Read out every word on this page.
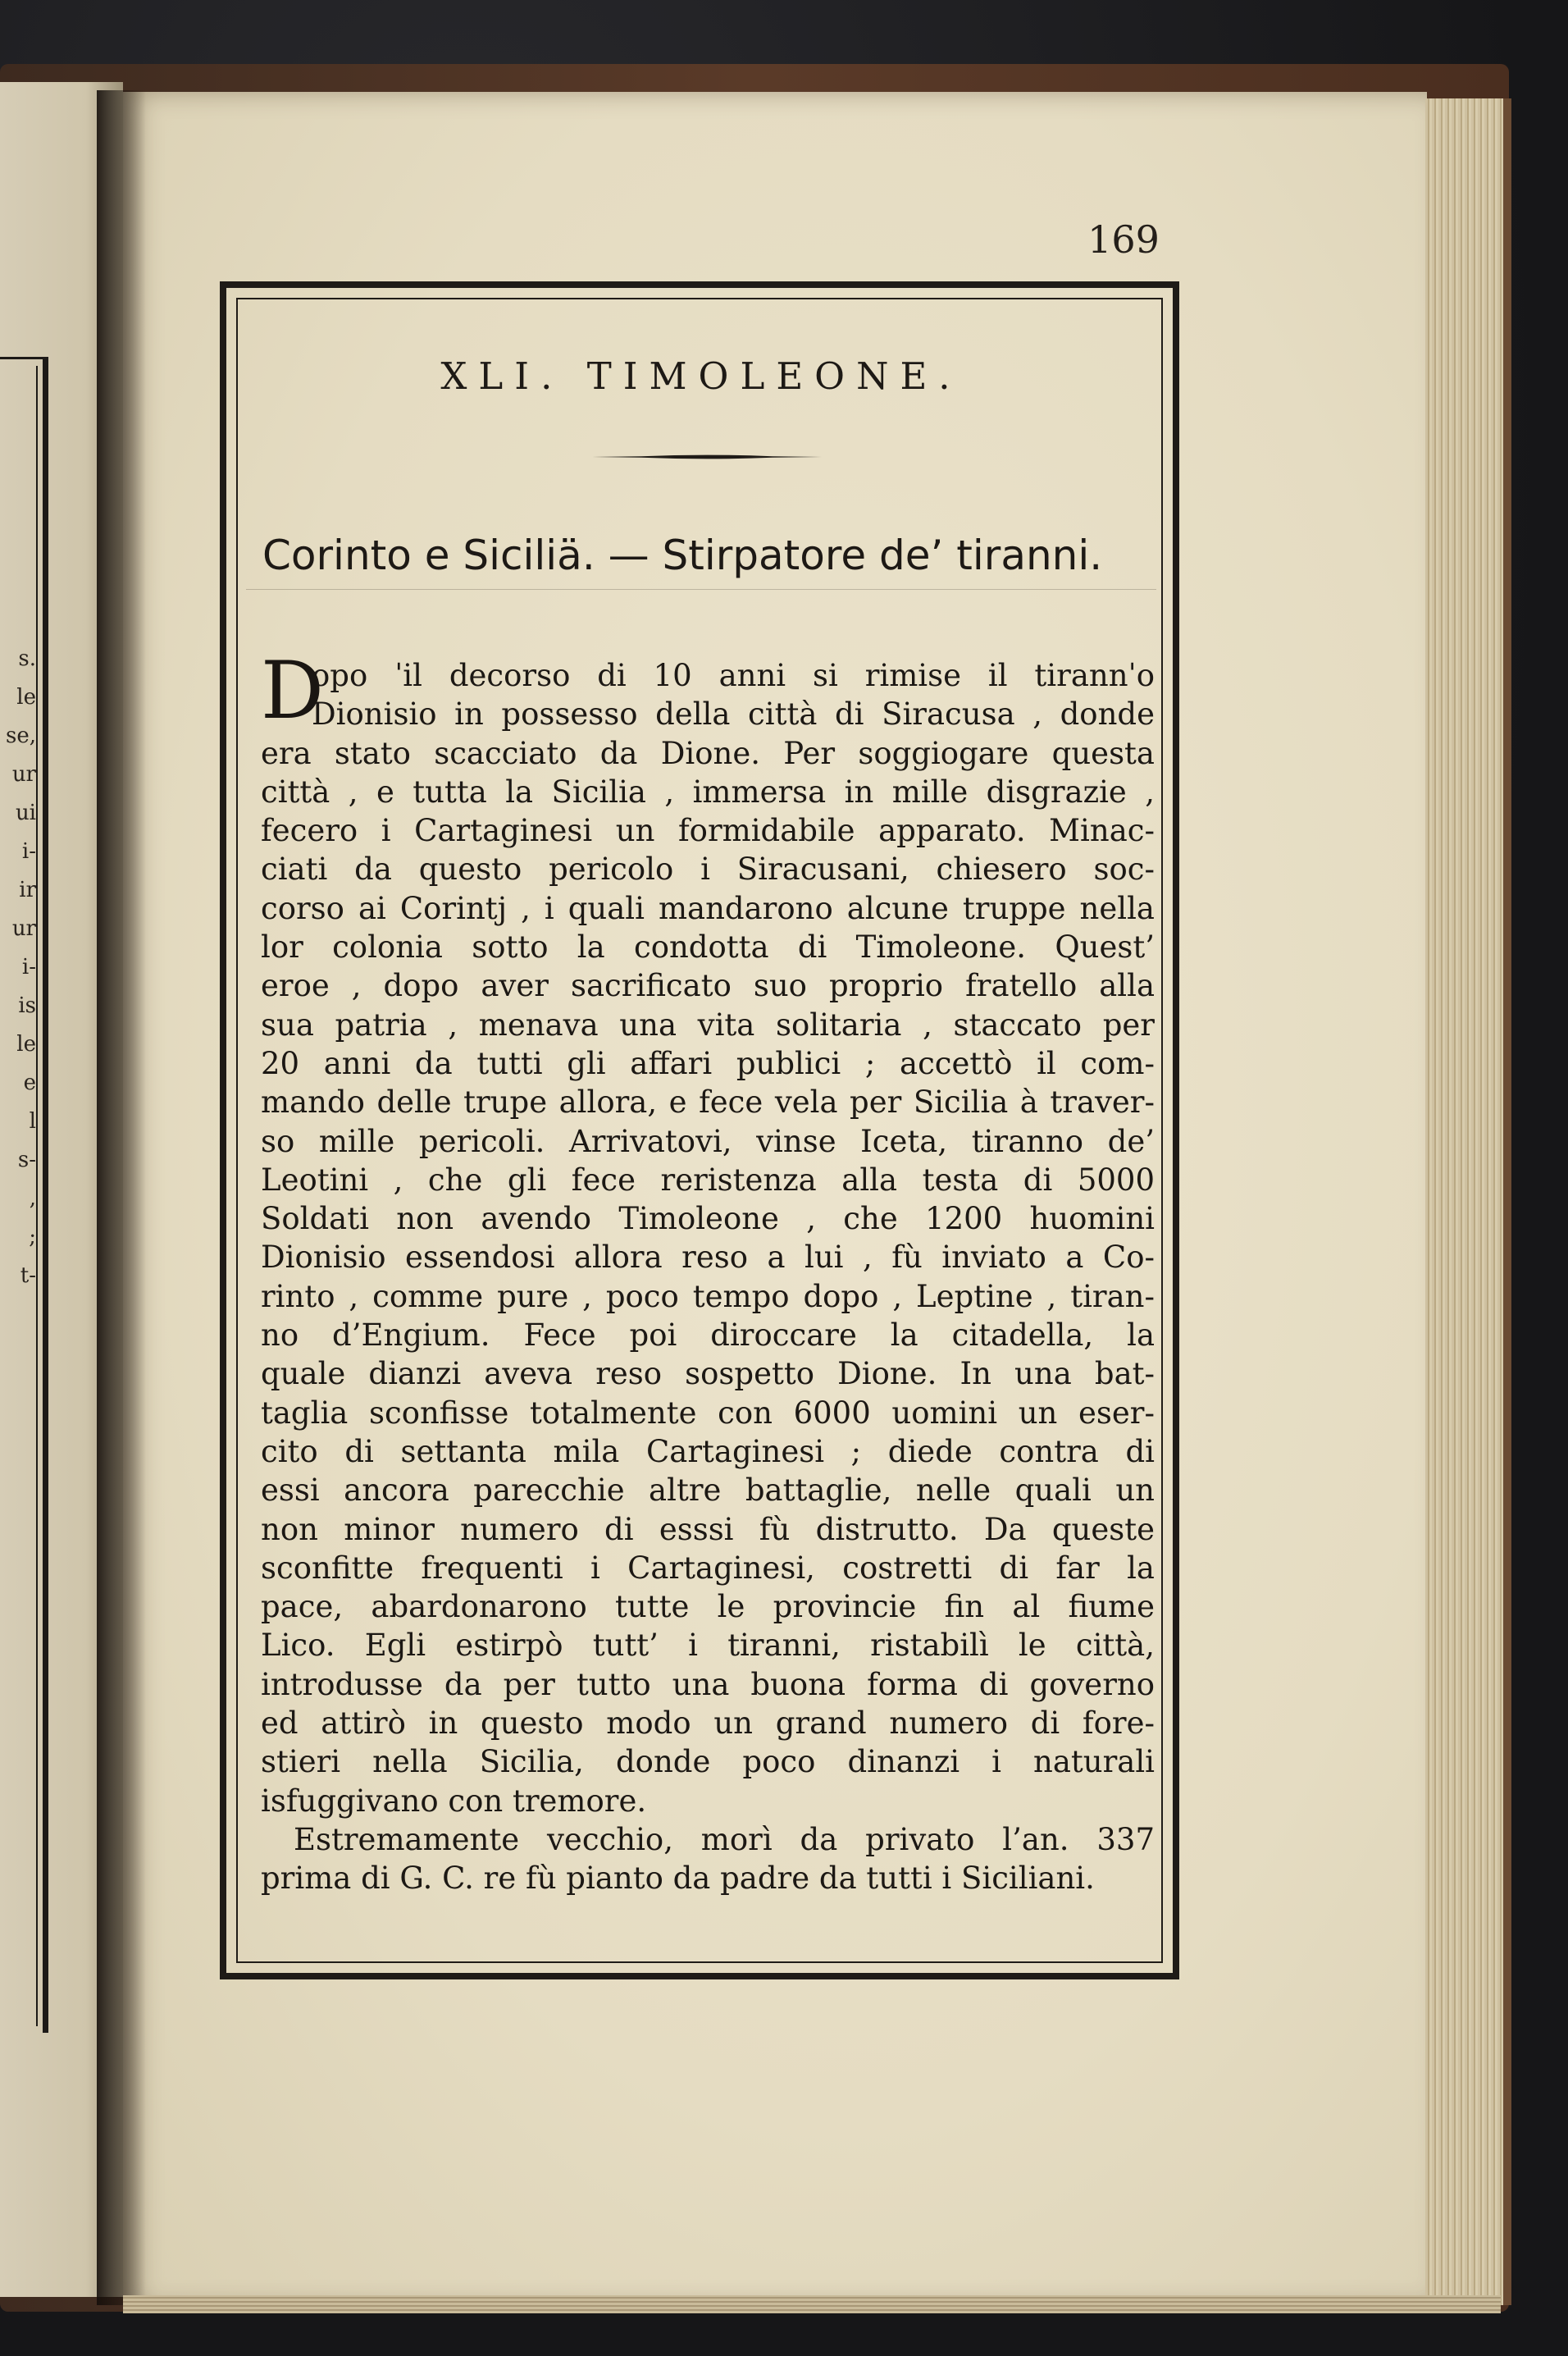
s.
le
se,
ur
ui
i-
ir
ur
i-
is
le
e
l
s-
,
;
t-
169
XLI. TIMOLEONE.
Corinto e Siciliä. — Stirpatore de’ tiranni.
D
opo ˈil decorso di 10 anni si rimise il tirannˈo
Dionisio in possesso della città di Siracusa , donde
era stato scacciato da Dione. Per soggiogare questa
città , e tutta la Sicilia , immersa in mille disgrazie ,
fecero i Cartaginesi un formidabile apparato. Minac-
ciati da questo pericolo i Siracusani, chiesero soc-
corso ai Corintj , i quali mandarono alcune truppe nella
lor colonia sotto la condotta di Timoleone. Quest’
eroe , dopo aver sacrificato suo proprio fratello alla
sua patria , menava una vita solitaria , staccato per
20 anni da tutti gli affari publici ; accettò il com-
mando delle trupe allora, e fece vela per Sicilia à traver-
so mille pericoli. Arrivatovi, vinse Iceta, tiranno de’
Leotini , che gli fece reristenza alla testa di 5000
Soldati non avendo Timoleone , che 1200 huomini
Dionisio essendosi allora reso a lui , fù inviato a Co-
rinto , comme pure , poco tempo dopo , Leptine , tiran-
no d’Engium. Fece poi diroccare la citadella, la
quale dianzi aveva reso sospetto Dione. In una bat-
taglia sconfisse totalmente con 6000 uomini un eser-
cito di settanta mila Cartaginesi ; diede contra di
essi ancora parecchie altre battaglie, nelle quali un
non minor numero di esssi fù distrutto. Da queste
sconfitte frequenti i Cartaginesi, costretti di far la
pace, abardonarono tutte le provincie fin al fiume
Lico. Egli estirpò tutt’ i tiranni, ristabilì le città,
introdusse da per tutto una buona forma di governo
ed attirò in questo modo un grand numero di fore-
stieri nella Sicilia, donde poco dinanzi i naturali
isfuggivano con tremore.
Estremamente vecchio, morì da privato l’an. 337
prima di G. C. re fù pianto da padre da tutti i Siciliani.
